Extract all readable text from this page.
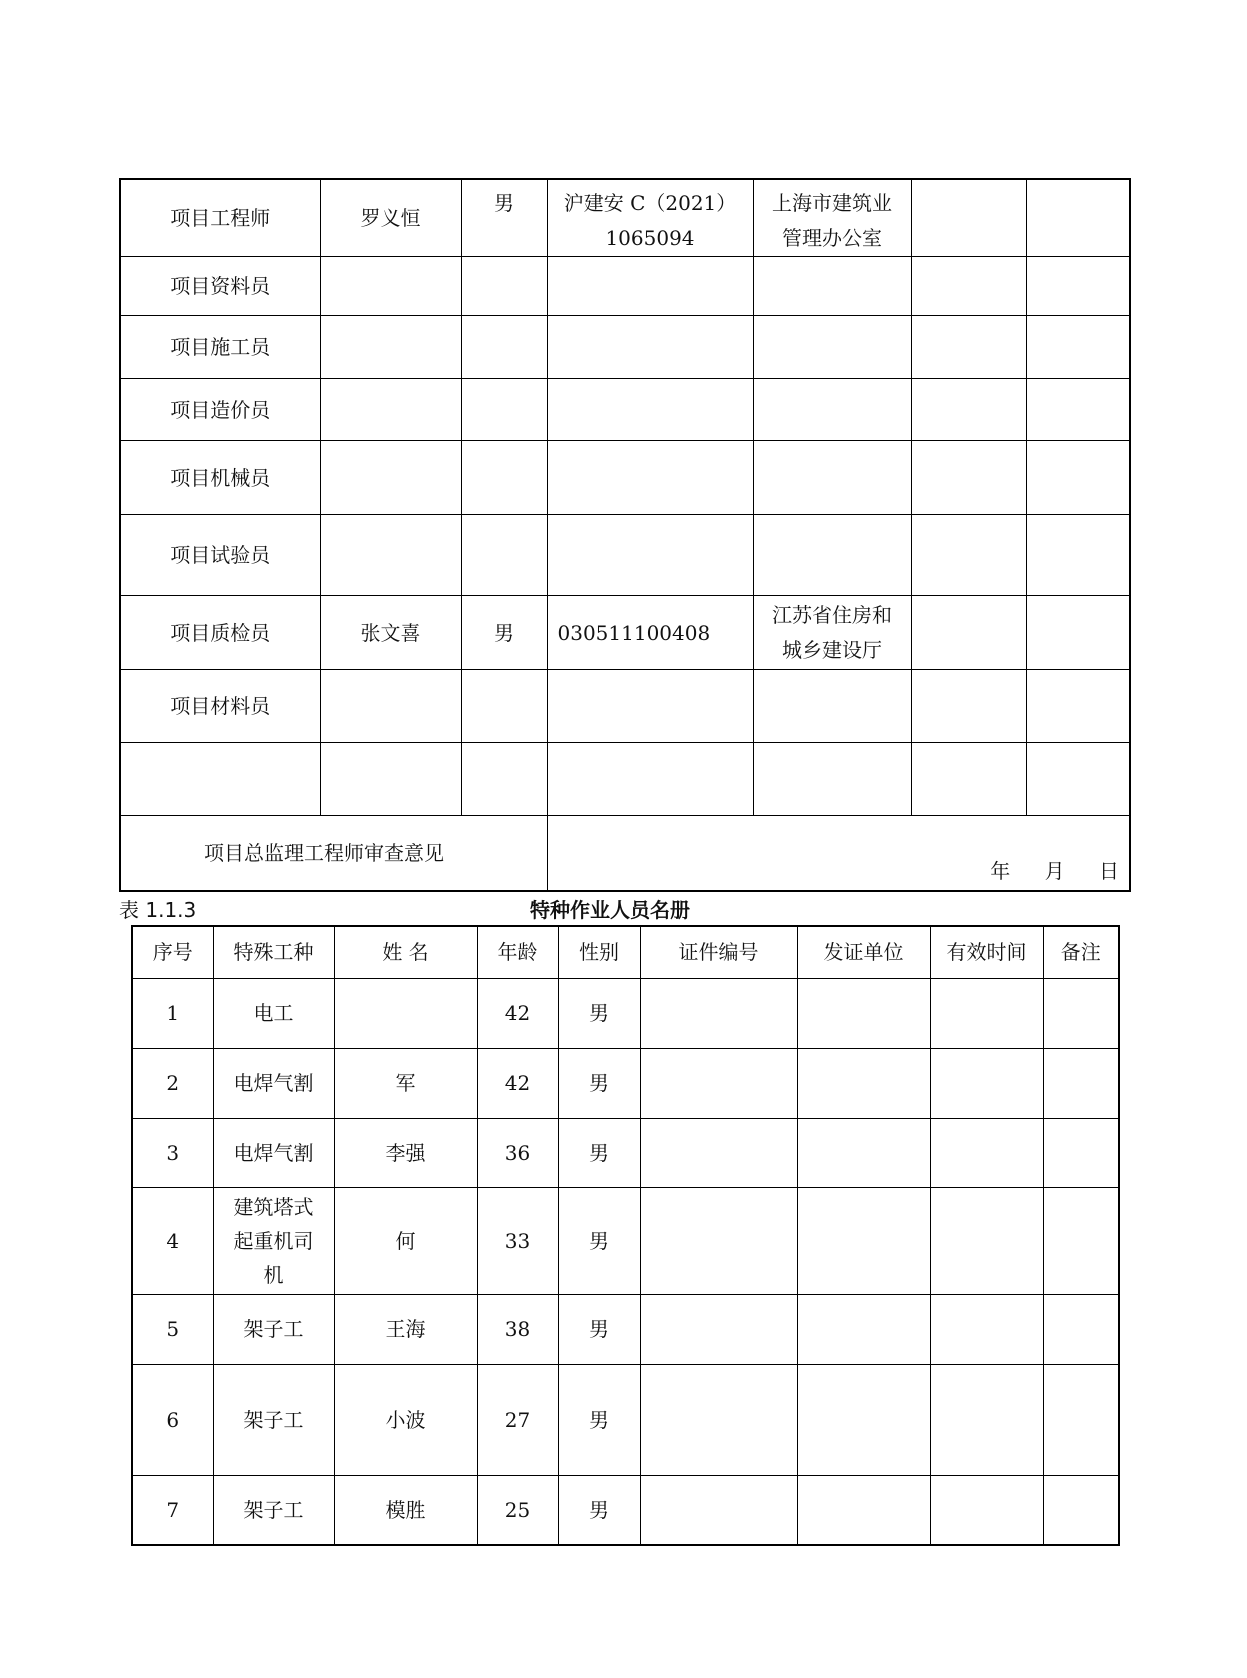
项目工程师	罗义恒	男	沪建安 C（2021）
1065094	上海市建筑业
管理办公室		

项目资料员						
项目施工员						
项目造价员						
项目机械员						
项目试验员						
项目质检员	张文喜	男	030511100408	江苏省住房和
城乡建设厅		

项目材料员						

项目总监理工程师审查意见			年 月 日			
表 1.1.3	特种作业人员名册
序号	特殊工种	姓 名	年龄	性别	证件编号	发证单位	有效时间	备注
1	电工		42	男				
2	电焊气割	军	42	男				
3	电焊气割	李强	36	男				
4	建筑塔式
起重机司
机	何	33	男				
5	架子工	王海	38	男				
6	架子工	小波	27	男				
7	架子工	模胜	25	男				
